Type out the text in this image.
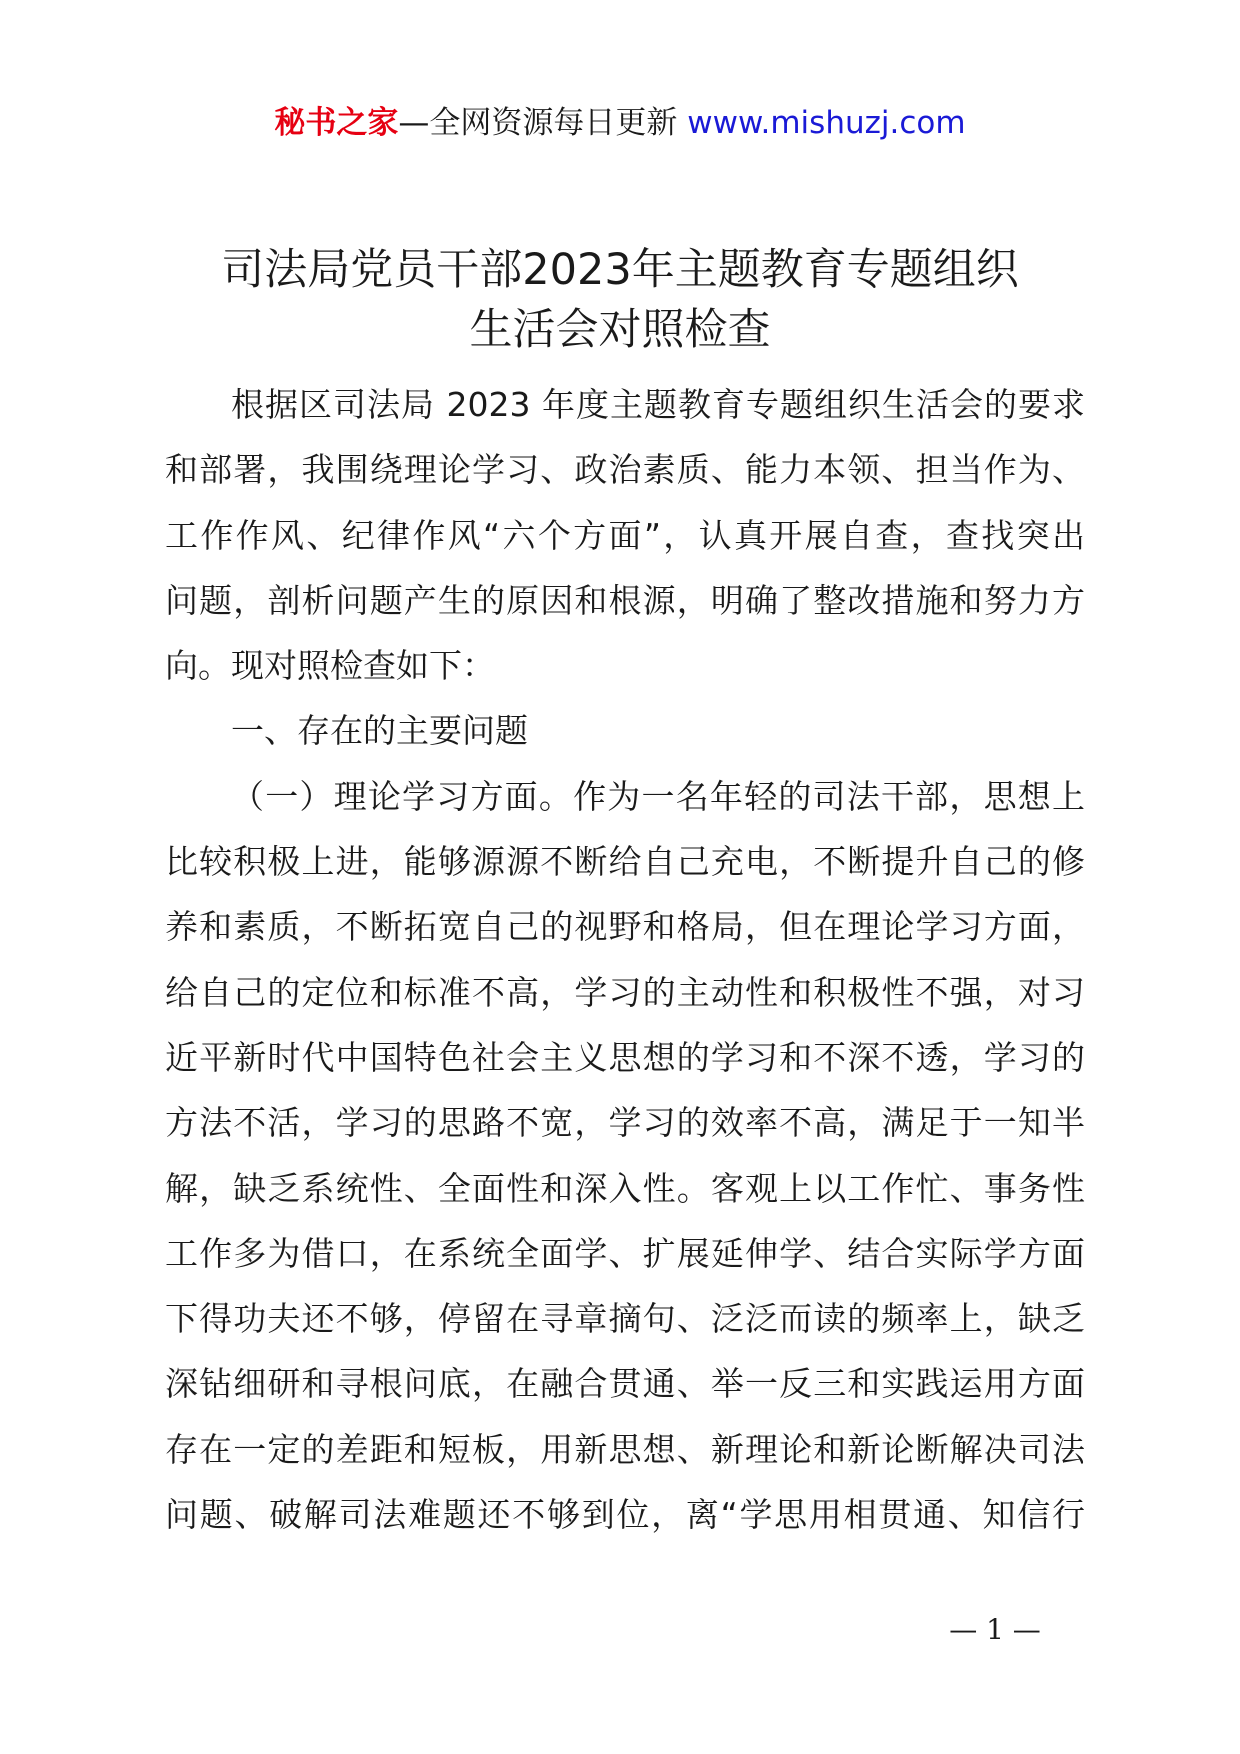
秘书之家—全网资源每日更新 www.mishuzj.com
司法局党员干部2023年主题教育专题组织
生活会对照检查
根据区司法局 2023 年度主题教育专题组织生活会的要求
和部署，我围绕理论学习、政治素质、能力本领、担当作为、
工作作风、纪律作风“六个方面”，认真开展自查，查找突出
问题，剖析问题产生的原因和根源，明确了整改措施和努力方
向。现对照检查如下：
一、存在的主要问题
（一）理论学习方面。作为一名年轻的司法干部，思想上
比较积极上进，能够源源不断给自己充电，不断提升自己的修
养和素质，不断拓宽自己的视野和格局，但在理论学习方面，
给自己的定位和标准不高，学习的主动性和积极性不强，对习
近平新时代中国特色社会主义思想的学习和不深不透，学习的
方法不活，学习的思路不宽，学习的效率不高，满足于一知半
解，缺乏系统性、全面性和深入性。客观上以工作忙、事务性
工作多为借口，在系统全面学、扩展延伸学、结合实际学方面
下得功夫还不够，停留在寻章摘句、泛泛而读的频率上，缺乏
深钻细研和寻根问底，在融合贯通、举一反三和实践运用方面
存在一定的差距和短板，用新思想、新理论和新论断解决司法
问题、破解司法难题还不够到位，离“学思用相贯通、知信行
— 1 —
